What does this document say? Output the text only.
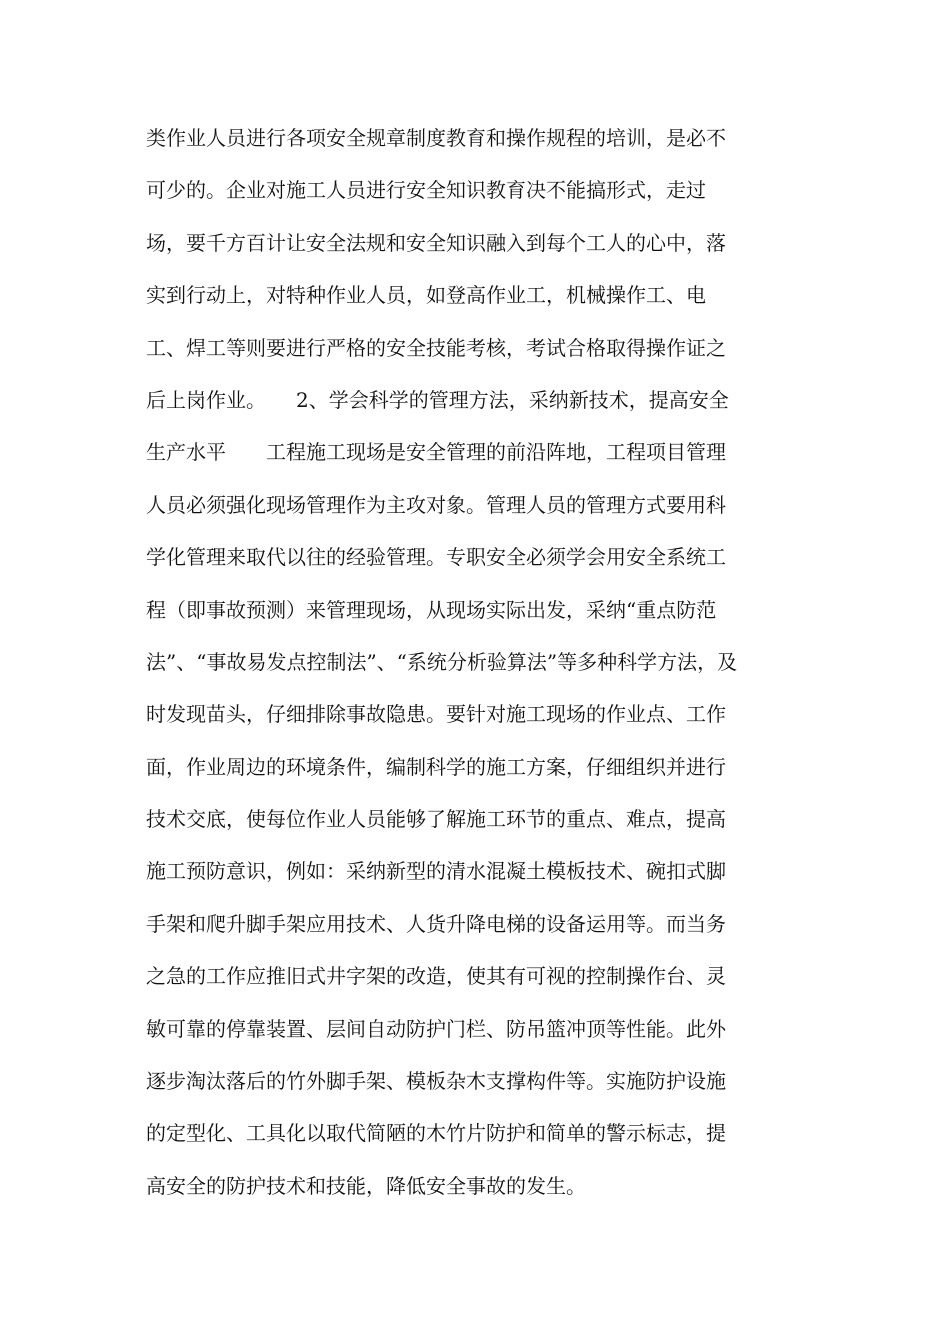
类作业人员进行各项安全规章制度教育和操作规程的培训，是必不
可少的。企业对施工人员进行安全知识教育决不能搞形式，走过
场，要千方百计让安全法规和安全知识融入到每个工人的心中，落
实到行动上，对特种作业人员，如登高作业工，机械操作工、电
工、焊工等则要进行严格的安全技能考核，考试合格取得操作证之
后上岗作业。　　2、学会科学的管理方法，采纳新技术，提高安全
生产水平　　工程施工现场是安全管理的前沿阵地，工程项目管理
人员必须强化现场管理作为主攻对象。管理人员的管理方式要用科
学化管理来取代以往的经验管理。专职安全必须学会用安全系统工
程（即事故预测）来管理现场，从现场实际出发，采纳“重点防范
法”、“事故易发点控制法”、“系统分析验算法”等多种科学方法，及
时发现苗头，仔细排除事故隐患。要针对施工现场的作业点、工作
面，作业周边的环境条件，编制科学的施工方案，仔细组织并进行
技术交底，使每位作业人员能够了解施工环节的重点、难点，提高
施工预防意识，例如：采纳新型的清水混凝土模板技术、碗扣式脚
手架和爬升脚手架应用技术、人货升降电梯的设备运用等。而当务
之急的工作应推旧式井字架的改造，使其有可视的控制操作台、灵
敏可靠的停靠装置、层间自动防护门栏、防吊篮冲顶等性能。此外
逐步淘汰落后的竹外脚手架、模板杂木支撑构件等。实施防护设施
的定型化、工具化以取代简陋的木竹片防护和简单的警示标志，提
高安全的防护技术和技能，降低安全事故的发生。
